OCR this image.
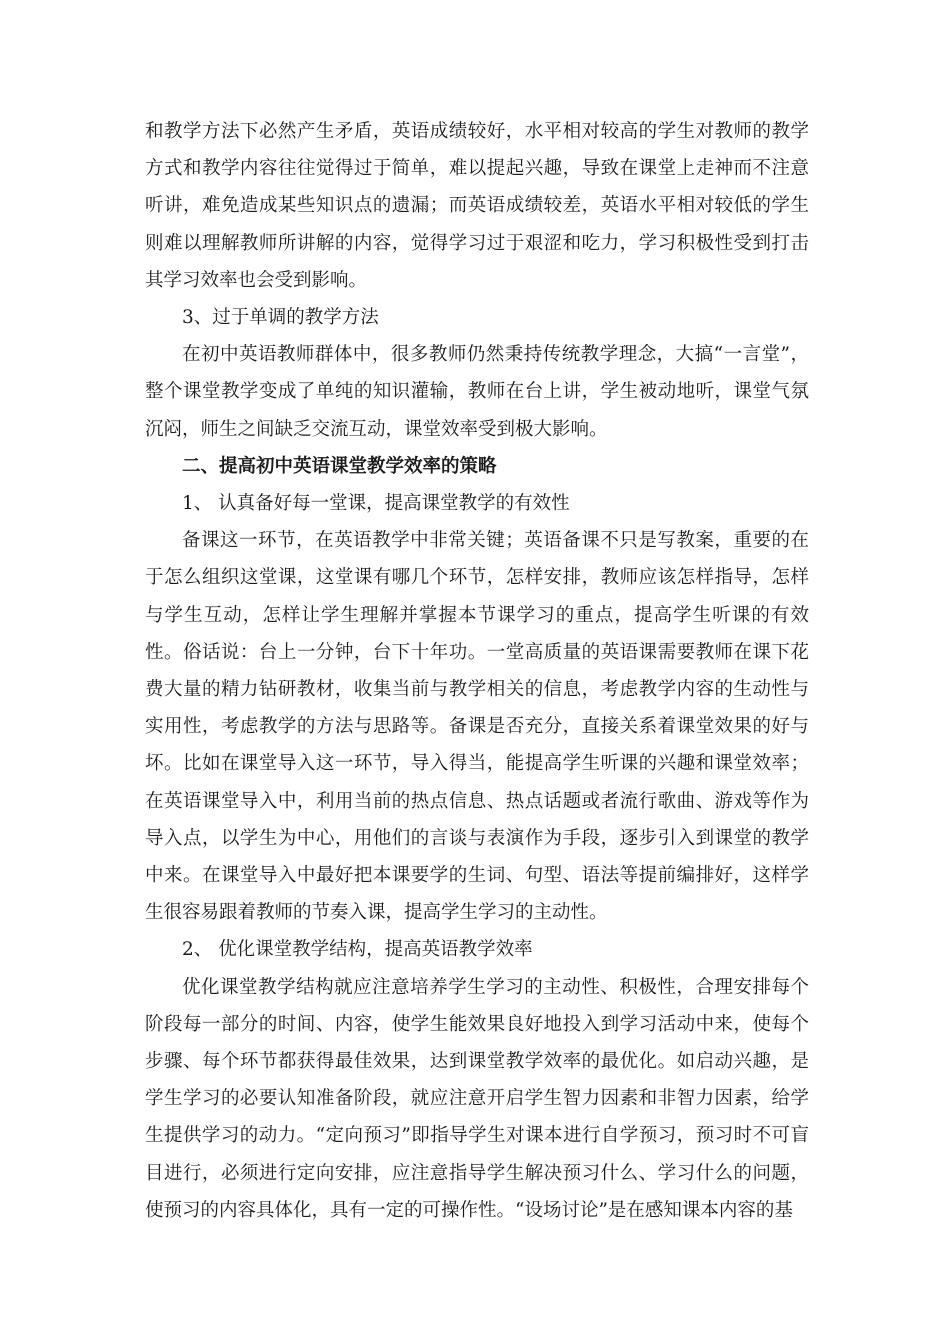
和教学方法下必然产生矛盾，英语成绩较好，水平相对较高的学生对教师的教学方式和教学内容往往觉得过于简单，难以提起兴趣，导致在课堂上走神而不注意听讲，难免造成某些知识点的遗漏；而英语成绩较差，英语水平相对较低的学生则难以理解教师所讲解的内容，觉得学习过于艰涩和吃力，学习积极性受到打击其学习效率也会受到影响。

3、过于单调的教学方法

在初中英语教师群体中，很多教师仍然秉持传统教学理念，大搞“一言堂”，整个课堂教学变成了单纯的知识灌输，教师在台上讲，学生被动地听，课堂气氛沉闷，师生之间缺乏交流互动，课堂效率受到极大影响。

二、提高初中英语课堂教学效率的策略

1、 认真备好每一堂课，提高课堂教学的有效性

备课这一环节，在英语教学中非常关键；英语备课不只是写教案，重要的在于怎么组织这堂课，这堂课有哪几个环节，怎样安排，教师应该怎样指导，怎样与学生互动，怎样让学生理解并掌握本节课学习的重点，提高学生听课的有效性。俗话说：台上一分钟，台下十年功。一堂高质量的英语课需要教师在课下花费大量的精力钻研教材，收集当前与教学相关的信息，考虑教学内容的生动性与实用性，考虑教学的方法与思路等。备课是否充分，直接关系着课堂效果的好与坏。比如在课堂导入这一环节，导入得当，能提高学生听课的兴趣和课堂效率；在英语课堂导入中，利用当前的热点信息、热点话题或者流行歌曲、游戏等作为导入点，以学生为中心，用他们的言谈与表演作为手段，逐步引入到课堂的教学中来。在课堂导入中最好把本课要学的生词、句型、语法等提前编排好，这样学生很容易跟着教师的节奏入课，提高学生学习的主动性。

2、 优化课堂教学结构，提高英语教学效率

优化课堂教学结构就应注意培养学生学习的主动性、积极性，合理安排每个阶段每一部分的时间、内容，使学生能效果良好地投入到学习活动中来，使每个步骤、每个环节都获得最佳效果，达到课堂教学效率的最优化。如启动兴趣，是学生学习的必要认知准备阶段，就应注意开启学生智力因素和非智力因素，给学生提供学习的动力。“定向预习”即指导学生对课本进行自学预习，预习时不可盲目进行，必须进行定向安排，应注意指导学生解决预习什么、学习什么的问题，使预习的内容具体化，具有一定的可操作性。“设场讨论”是在感知课本内容的基
